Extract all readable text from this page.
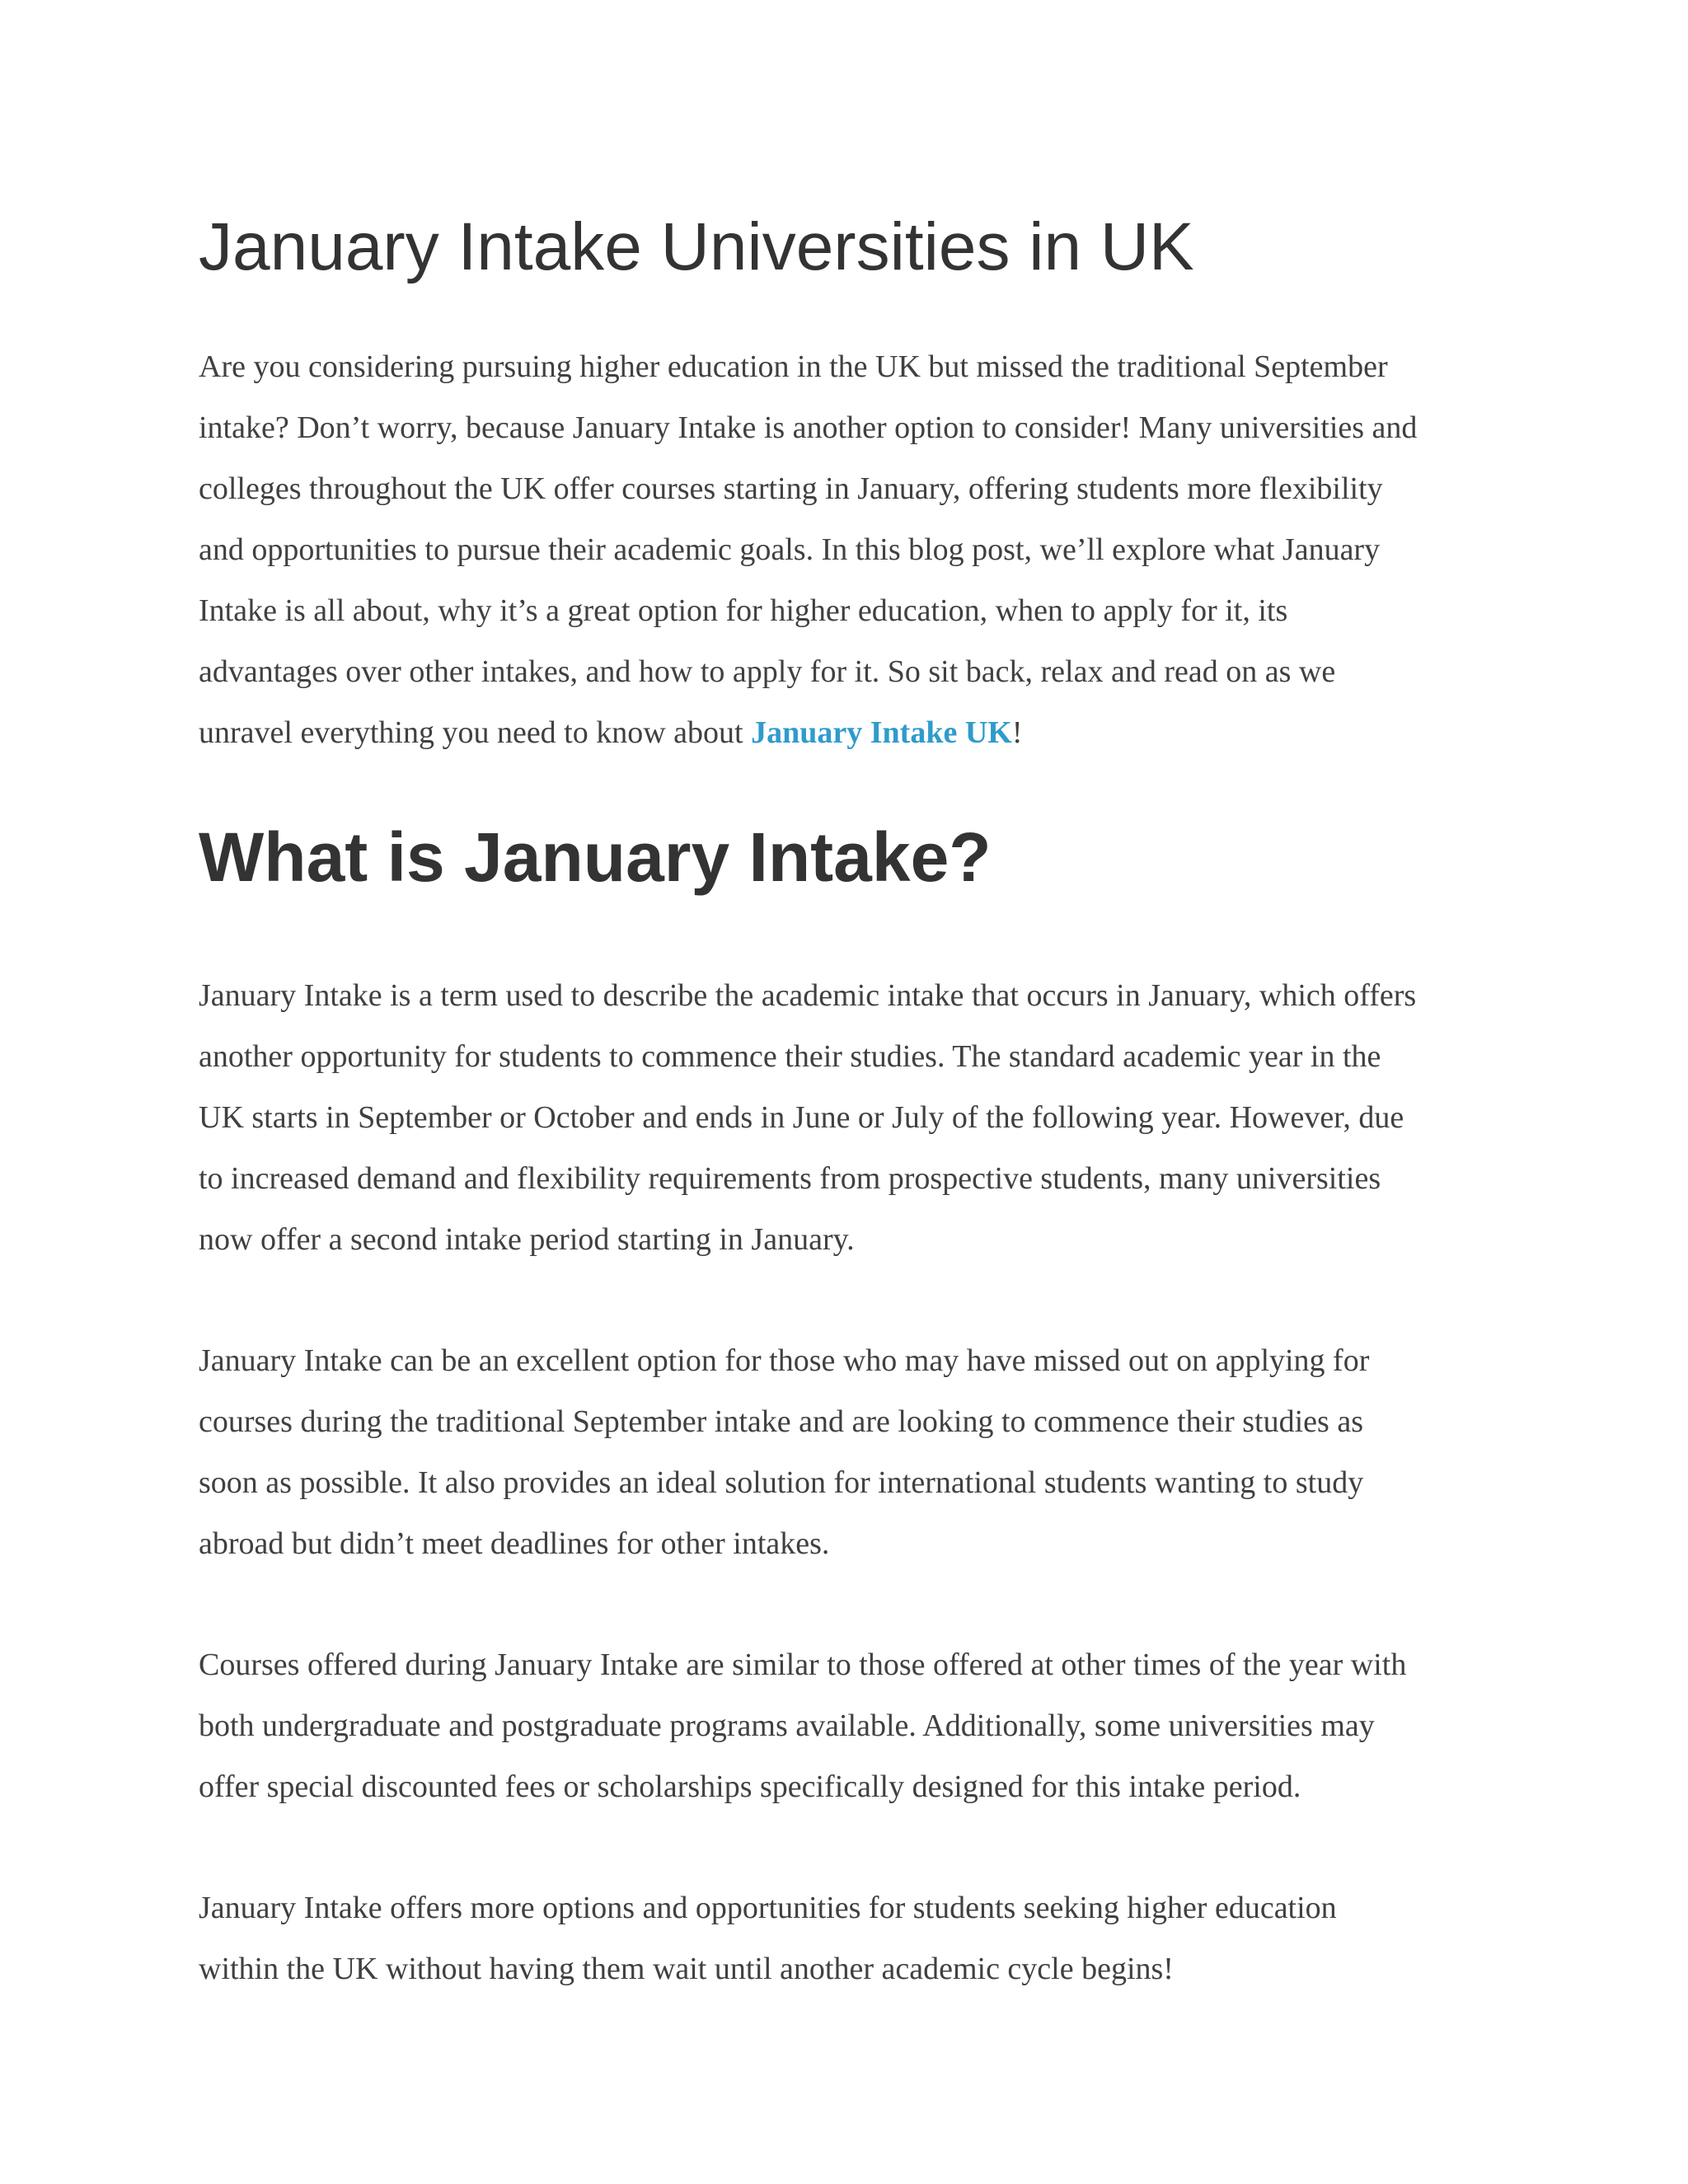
January Intake Universities in UK

Are you considering pursuing higher education in the UK but missed the traditional September
intake? Don’t worry, because January Intake is another option to consider! Many universities and
colleges throughout the UK offer courses starting in January, offering students more flexibility
and opportunities to pursue their academic goals. In this blog post, we’ll explore what January
Intake is all about, why it’s a great option for higher education, when to apply for it, its
advantages over other intakes, and how to apply for it. So sit back, relax and read on as we
unravel everything you need to know about January Intake UK!

What is January Intake?

January Intake is a term used to describe the academic intake that occurs in January, which offers
another opportunity for students to commence their studies. The standard academic year in the
UK starts in September or October and ends in June or July of the following year. However, due
to increased demand and flexibility requirements from prospective students, many universities
now offer a second intake period starting in January.

January Intake can be an excellent option for those who may have missed out on applying for
courses during the traditional September intake and are looking to commence their studies as
soon as possible. It also provides an ideal solution for international students wanting to study
abroad but didn’t meet deadlines for other intakes.

Courses offered during January Intake are similar to those offered at other times of the year with
both undergraduate and postgraduate programs available. Additionally, some universities may
offer special discounted fees or scholarships specifically designed for this intake period.

January Intake offers more options and opportunities for students seeking higher education
within the UK without having them wait until another academic cycle begins!
